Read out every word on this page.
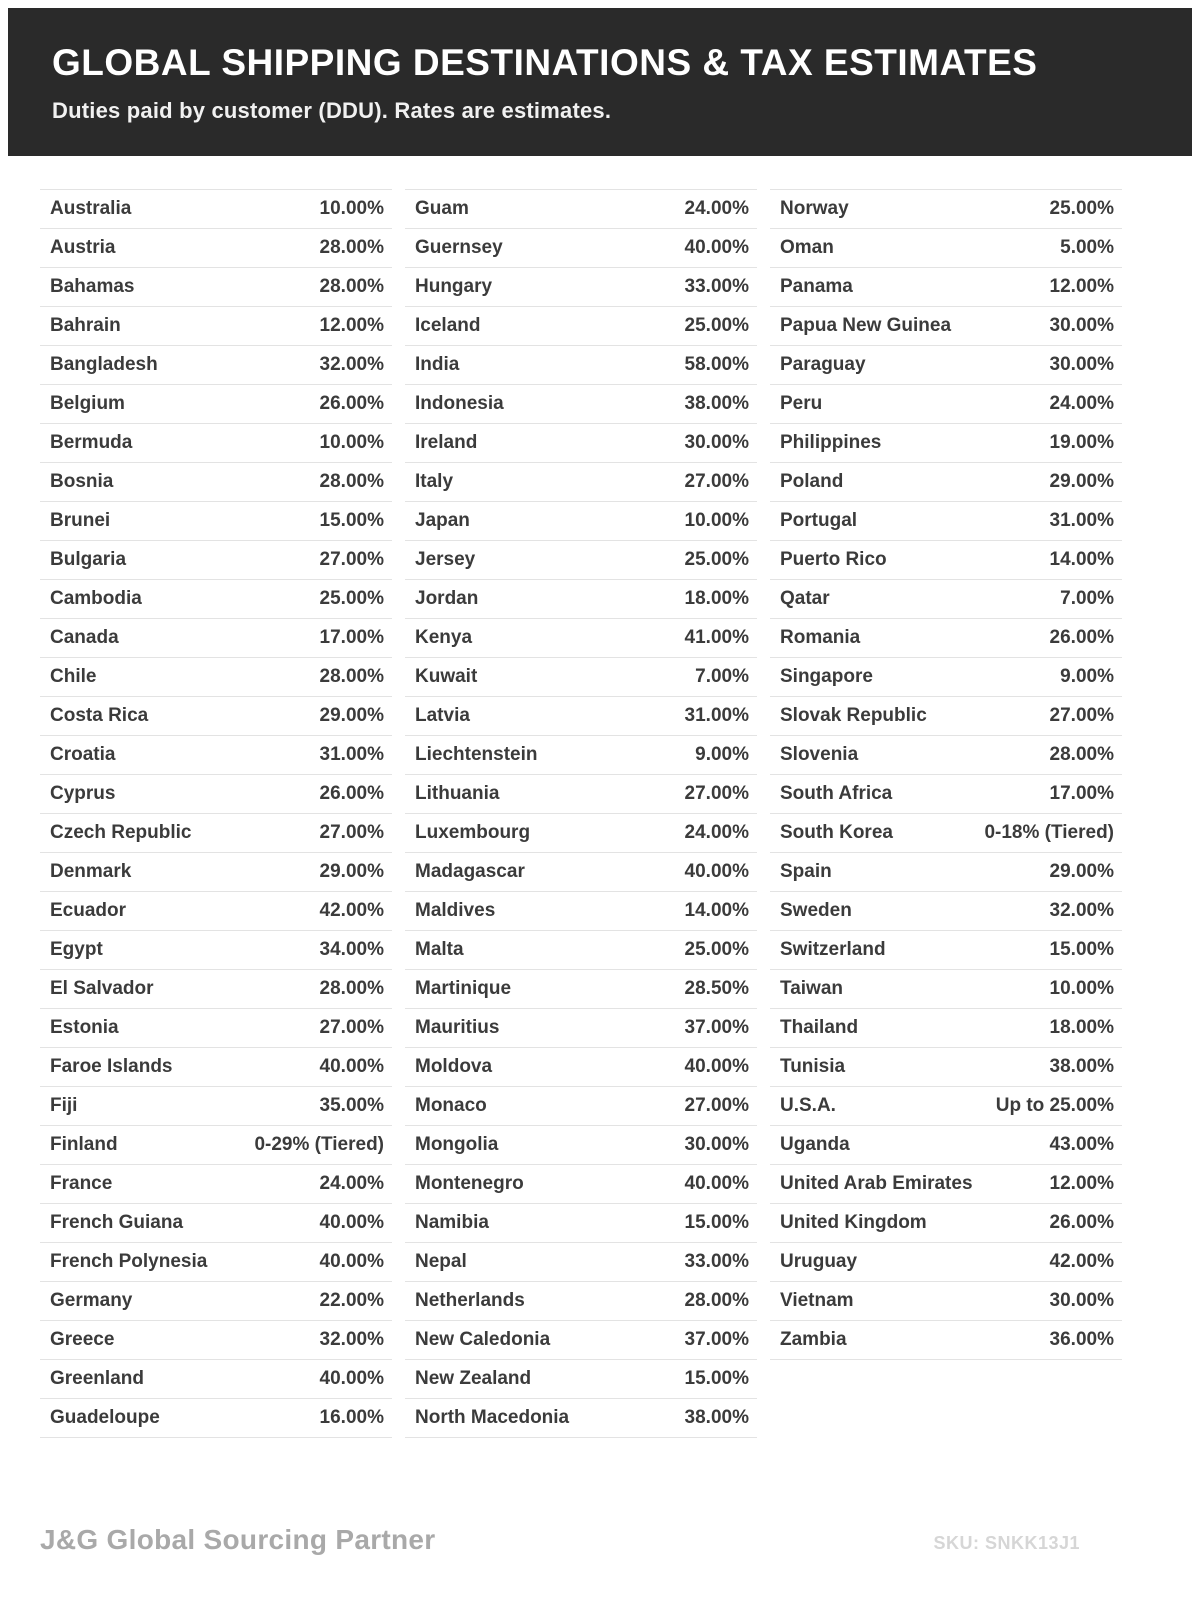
GLOBAL SHIPPING DESTINATIONS & TAX ESTIMATES

Duties paid by customer (DDU). Rates are estimates.

Australia	10.00%
Austria	28.00%
Bahamas	28.00%
Bahrain	12.00%
Bangladesh	32.00%
Belgium	26.00%
Bermuda	10.00%
Bosnia	28.00%
Brunei	15.00%
Bulgaria	27.00%
Cambodia	25.00%
Canada	17.00%
Chile	28.00%
Costa Rica	29.00%
Croatia	31.00%
Cyprus	26.00%
Czech Republic	27.00%
Denmark	29.00%
Ecuador	42.00%
Egypt	34.00%
El Salvador	28.00%
Estonia	27.00%
Faroe Islands	40.00%
Fiji	35.00%
Finland	0-29% (Tiered)
France	24.00%
French Guiana	40.00%
French Polynesia	40.00%
Germany	22.00%
Greece	32.00%
Greenland	40.00%
Guadeloupe	16.00%
Guam	24.00%
Guernsey	40.00%
Hungary	33.00%
Iceland	25.00%
India	58.00%
Indonesia	38.00%
Ireland	30.00%
Italy	27.00%
Japan	10.00%
Jersey	25.00%
Jordan	18.00%
Kenya	41.00%
Kuwait	7.00%
Latvia	31.00%
Liechtenstein	9.00%
Lithuania	27.00%
Luxembourg	24.00%
Madagascar	40.00%
Maldives	14.00%
Malta	25.00%
Martinique	28.50%
Mauritius	37.00%
Moldova	40.00%
Monaco	27.00%
Mongolia	30.00%
Montenegro	40.00%
Namibia	15.00%
Nepal	33.00%
Netherlands	28.00%
New Caledonia	37.00%
New Zealand	15.00%
North Macedonia	38.00%
Norway	25.00%
Oman	5.00%
Panama	12.00%
Papua New Guinea	30.00%
Paraguay	30.00%
Peru	24.00%
Philippines	19.00%
Poland	29.00%
Portugal	31.00%
Puerto Rico	14.00%
Qatar	7.00%
Romania	26.00%
Singapore	9.00%
Slovak Republic	27.00%
Slovenia	28.00%
South Africa	17.00%
South Korea	0-18% (Tiered)
Spain	29.00%
Sweden	32.00%
Switzerland	15.00%
Taiwan	10.00%
Thailand	18.00%
Tunisia	38.00%
U.S.A.	Up to 25.00%
Uganda	43.00%
United Arab Emirates	12.00%
United Kingdom	26.00%
Uruguay	42.00%
Vietnam	30.00%
Zambia	36.00%
J&G Global Sourcing Partner	SKU: SNKK13J1
